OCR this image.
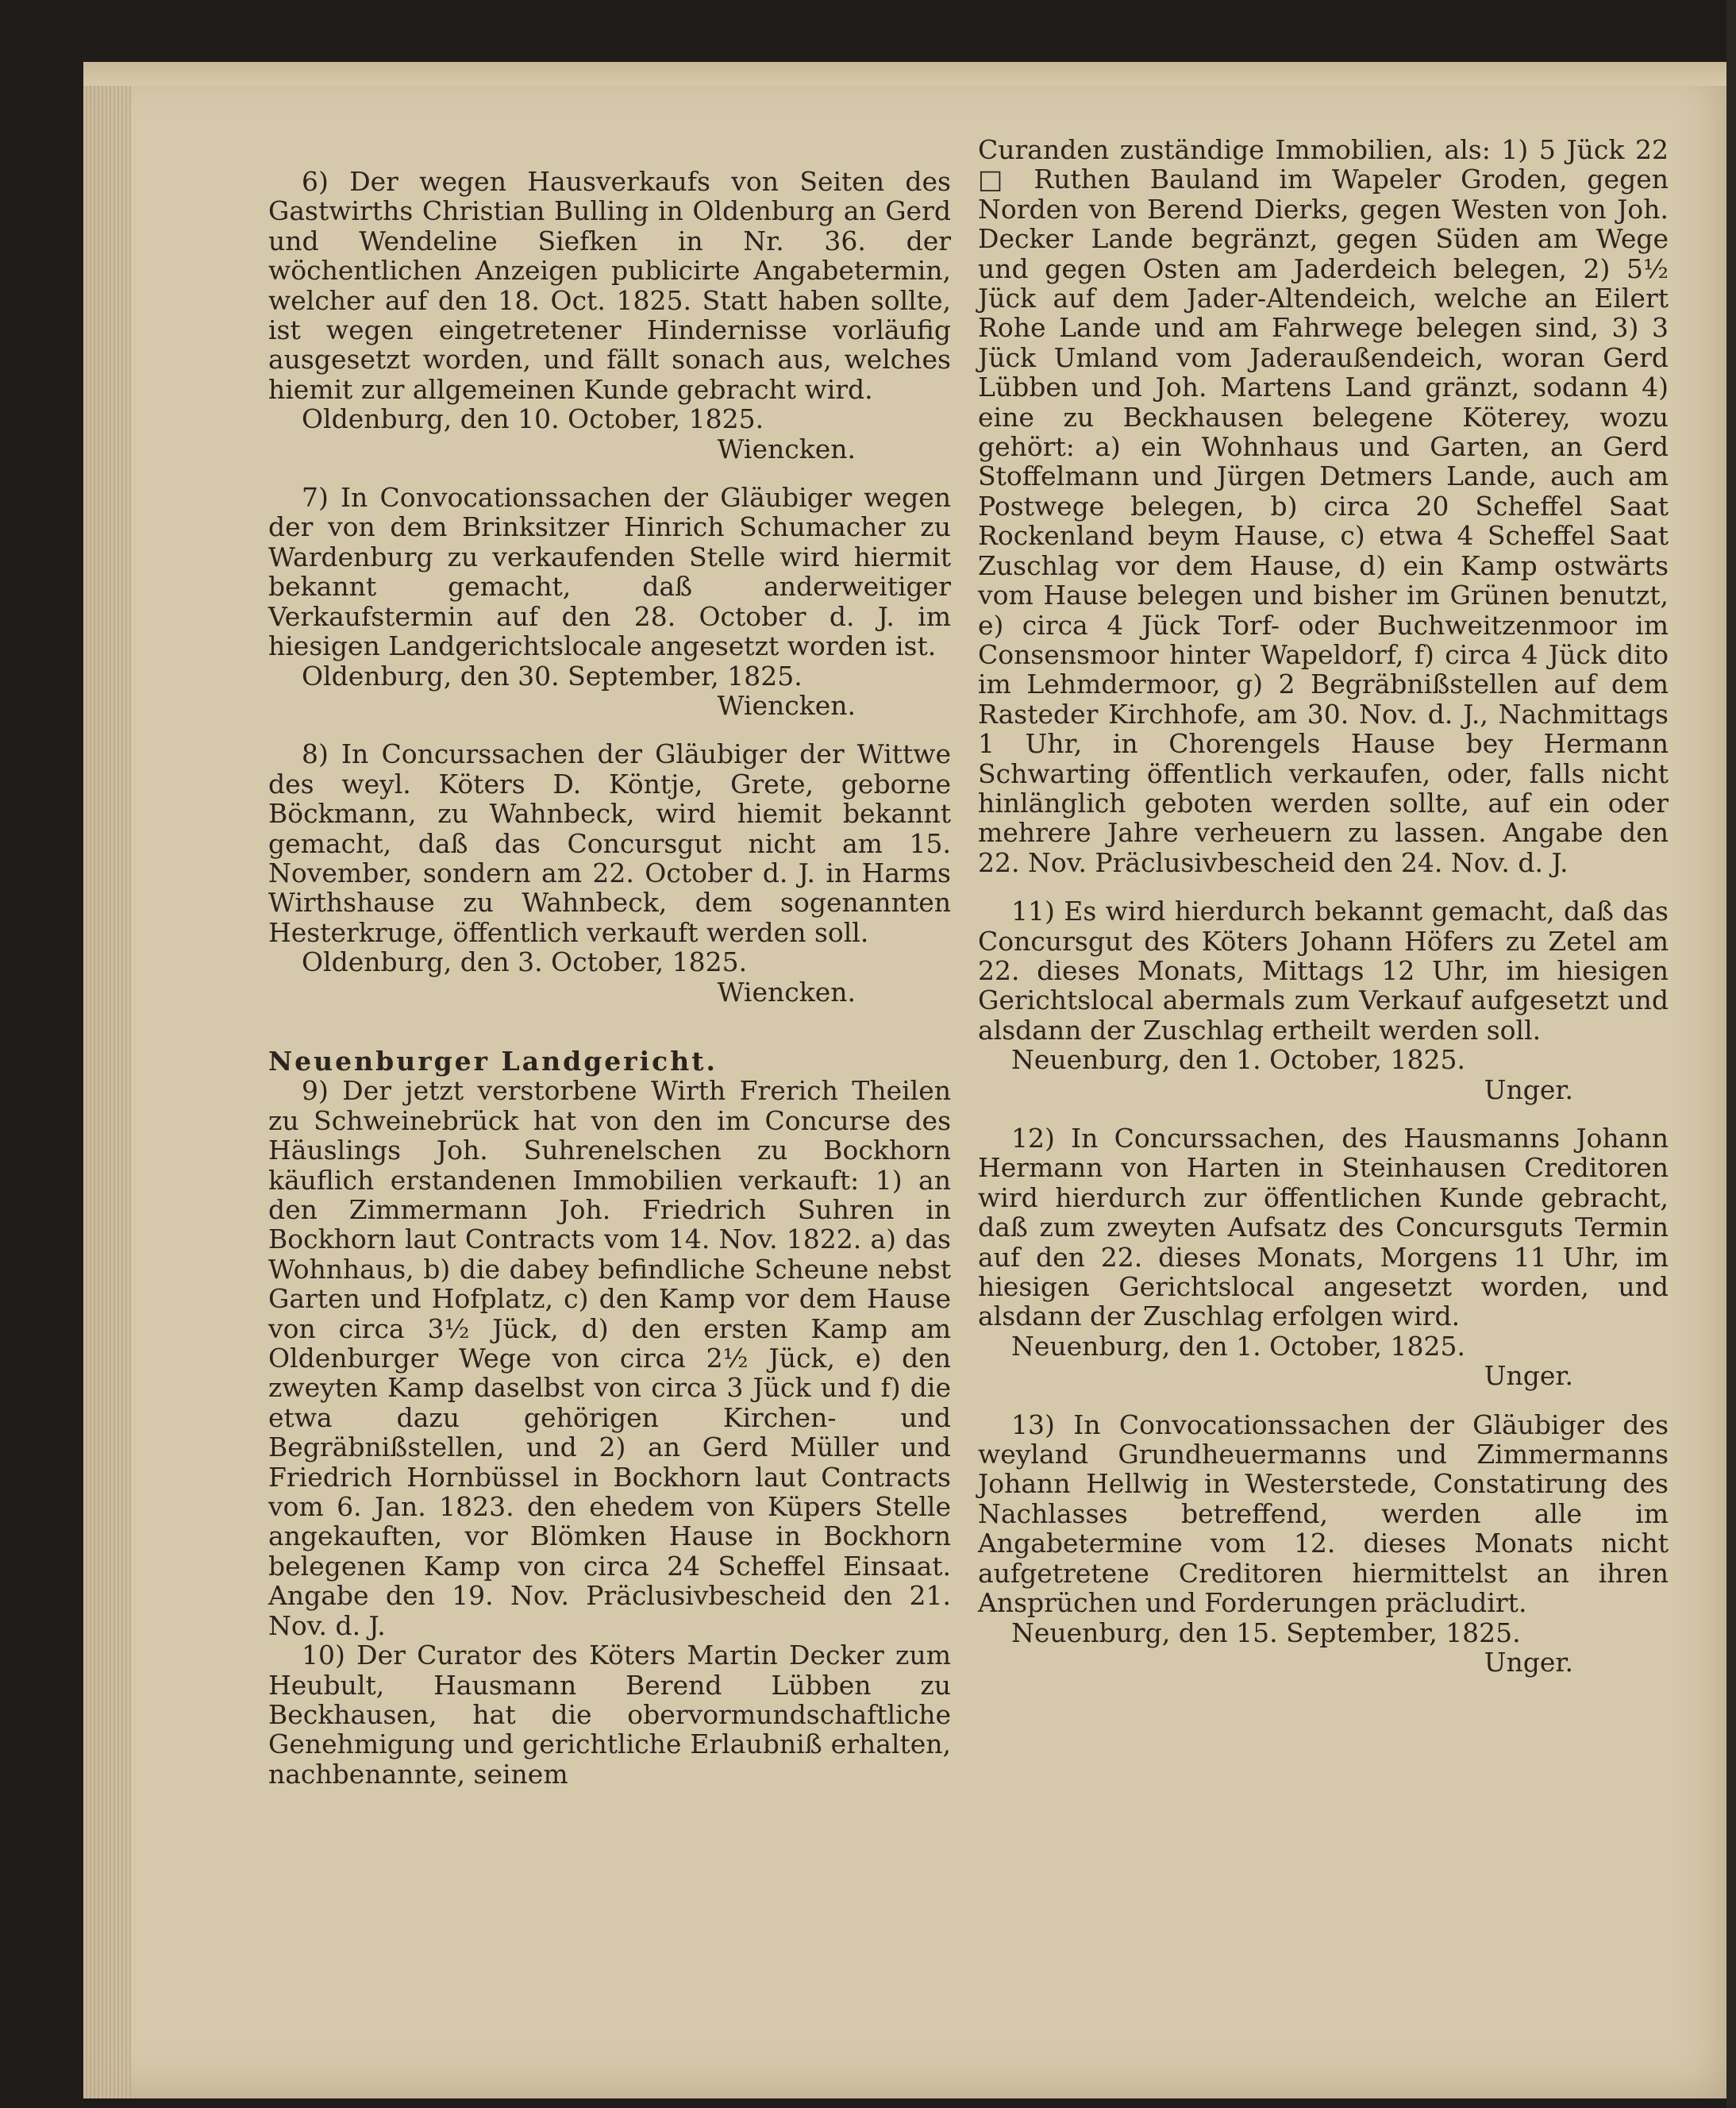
6) Der wegen Hausverkaufs von Seiten des Gastwirths Christian Bulling in Oldenburg an Gerd und Wendeline Siefken in Nr. 36. der wöchentlichen Anzeigen publicirte Angabetermin, welcher auf den 18. Oct. 1825. Statt haben sollte, ist wegen eingetretener Hindernisse vorläufig ausgesetzt worden, und fällt sonach aus, welches hiemit zur allgemeinen Kunde gebracht wird.

Oldenburg, den 10. October, 1825.

Wiencken.

7) In Convocationssachen der Gläubiger wegen der von dem Brinksitzer Hinrich Schumacher zu Wardenburg zu verkaufenden Stelle wird hiermit bekannt gemacht, daß anderweitiger Verkaufstermin auf den 28. October d. J. im hiesigen Landgerichtslocale angesetzt worden ist.

Oldenburg, den 30. September, 1825.

Wiencken.

8) In Concurssachen der Gläubiger der Wittwe des weyl. Köters D. Köntje, Grete, geborne Böckmann, zu Wahnbeck, wird hiemit bekannt gemacht, daß das Concursgut nicht am 15. November, sondern am 22. October d. J. in Harms Wirthshause zu Wahnbeck, dem sogenannten Hesterkruge, öffentlich verkauft werden soll.

Oldenburg, den 3. October, 1825.

Wiencken.

Neuenburger Landgericht.

9) Der jetzt verstorbene Wirth Frerich Theilen zu Schweinebrück hat von den im Concurse des Häuslings Joh. Suhrenelschen zu Bockhorn käuflich erstandenen Immobilien verkauft: 1) an den Zimmermann Joh. Friedrich Suhren in Bockhorn laut Contracts vom 14. Nov. 1822. a) das Wohnhaus, b) die dabey befindliche Scheune nebst Garten und Hofplatz, c) den Kamp vor dem Hause von circa 3½ Jück, d) den ersten Kamp am Oldenburger Wege von circa 2½ Jück, e) den zweyten Kamp daselbst von circa 3 Jück und f) die etwa dazu gehörigen Kirchen- und Begräbnißstellen, und 2) an Gerd Müller und Friedrich Hornbüssel in Bockhorn laut Contracts vom 6. Jan. 1823. den ehedem von Küpers Stelle angekauften, vor Blömken Hause in Bockhorn belegenen Kamp von circa 24 Scheffel Einsaat. Angabe den 19. Nov. Präclusivbescheid den 21. Nov. d. J.

10) Der Curator des Köters Martin Decker zum Heubult, Hausmann Berend Lübben zu Beckhausen, hat die obervormundschaftliche Genehmigung und gerichtliche Erlaubniß erhalten, nachbenannte, seinem

Curanden zuständige Immobilien, als: 1) 5 Jück 22 □ Ruthen Bauland im Wapeler Groden, gegen Norden von Berend Dierks, gegen Westen von Joh. Decker Lande begränzt, gegen Süden am Wege und gegen Osten am Jaderdeich belegen, 2) 5½ Jück auf dem Jader-Altendeich, welche an Eilert Rohe Lande und am Fahrwege belegen sind, 3) 3 Jück Umland vom Jaderaußendeich, woran Gerd Lübben und Joh. Martens Land gränzt, sodann 4) eine zu Beckhausen belegene Köterey, wozu gehört: a) ein Wohnhaus und Garten, an Gerd Stoffelmann und Jürgen Detmers Lande, auch am Postwege belegen, b) circa 20 Scheffel Saat Rockenland beym Hause, c) etwa 4 Scheffel Saat Zuschlag vor dem Hause, d) ein Kamp ostwärts vom Hause belegen und bisher im Grünen benutzt, e) circa 4 Jück Torf- oder Buchweitzenmoor im Consensmoor hinter Wapeldorf, f) circa 4 Jück dito im Lehmdermoor, g) 2 Begräbnißstellen auf dem Rasteder Kirchhofe, am 30. Nov. d. J., Nachmittags 1 Uhr, in Chorengels Hause bey Hermann Schwarting öffentlich verkaufen, oder, falls nicht hinlänglich geboten werden sollte, auf ein oder mehrere Jahre verheuern zu lassen. Angabe den 22. Nov. Präclusivbescheid den 24. Nov. d. J.

11) Es wird hierdurch bekannt gemacht, daß das Concursgut des Köters Johann Höfers zu Zetel am 22. dieses Monats, Mittags 12 Uhr, im hiesigen Gerichtslocal abermals zum Verkauf aufgesetzt und alsdann der Zuschlag ertheilt werden soll.

Neuenburg, den 1. October, 1825.

Unger.

12) In Concurssachen, des Hausmanns Johann Hermann von Harten in Steinhausen Creditoren wird hierdurch zur öffentlichen Kunde gebracht, daß zum zweyten Aufsatz des Concursguts Termin auf den 22. dieses Monats, Morgens 11 Uhr, im hiesigen Gerichtslocal angesetzt worden, und alsdann der Zuschlag erfolgen wird.

Neuenburg, den 1. October, 1825.

Unger.

13) In Convocationssachen der Gläubiger des weyland Grundheuermanns und Zimmermanns Johann Hellwig in Westerstede, Constatirung des Nachlasses betreffend, werden alle im Angabetermine vom 12. dieses Monats nicht aufgetretene Creditoren hiermittelst an ihren Ansprüchen und Forderungen präcludirt.

Neuenburg, den 15. September, 1825.

Unger.
